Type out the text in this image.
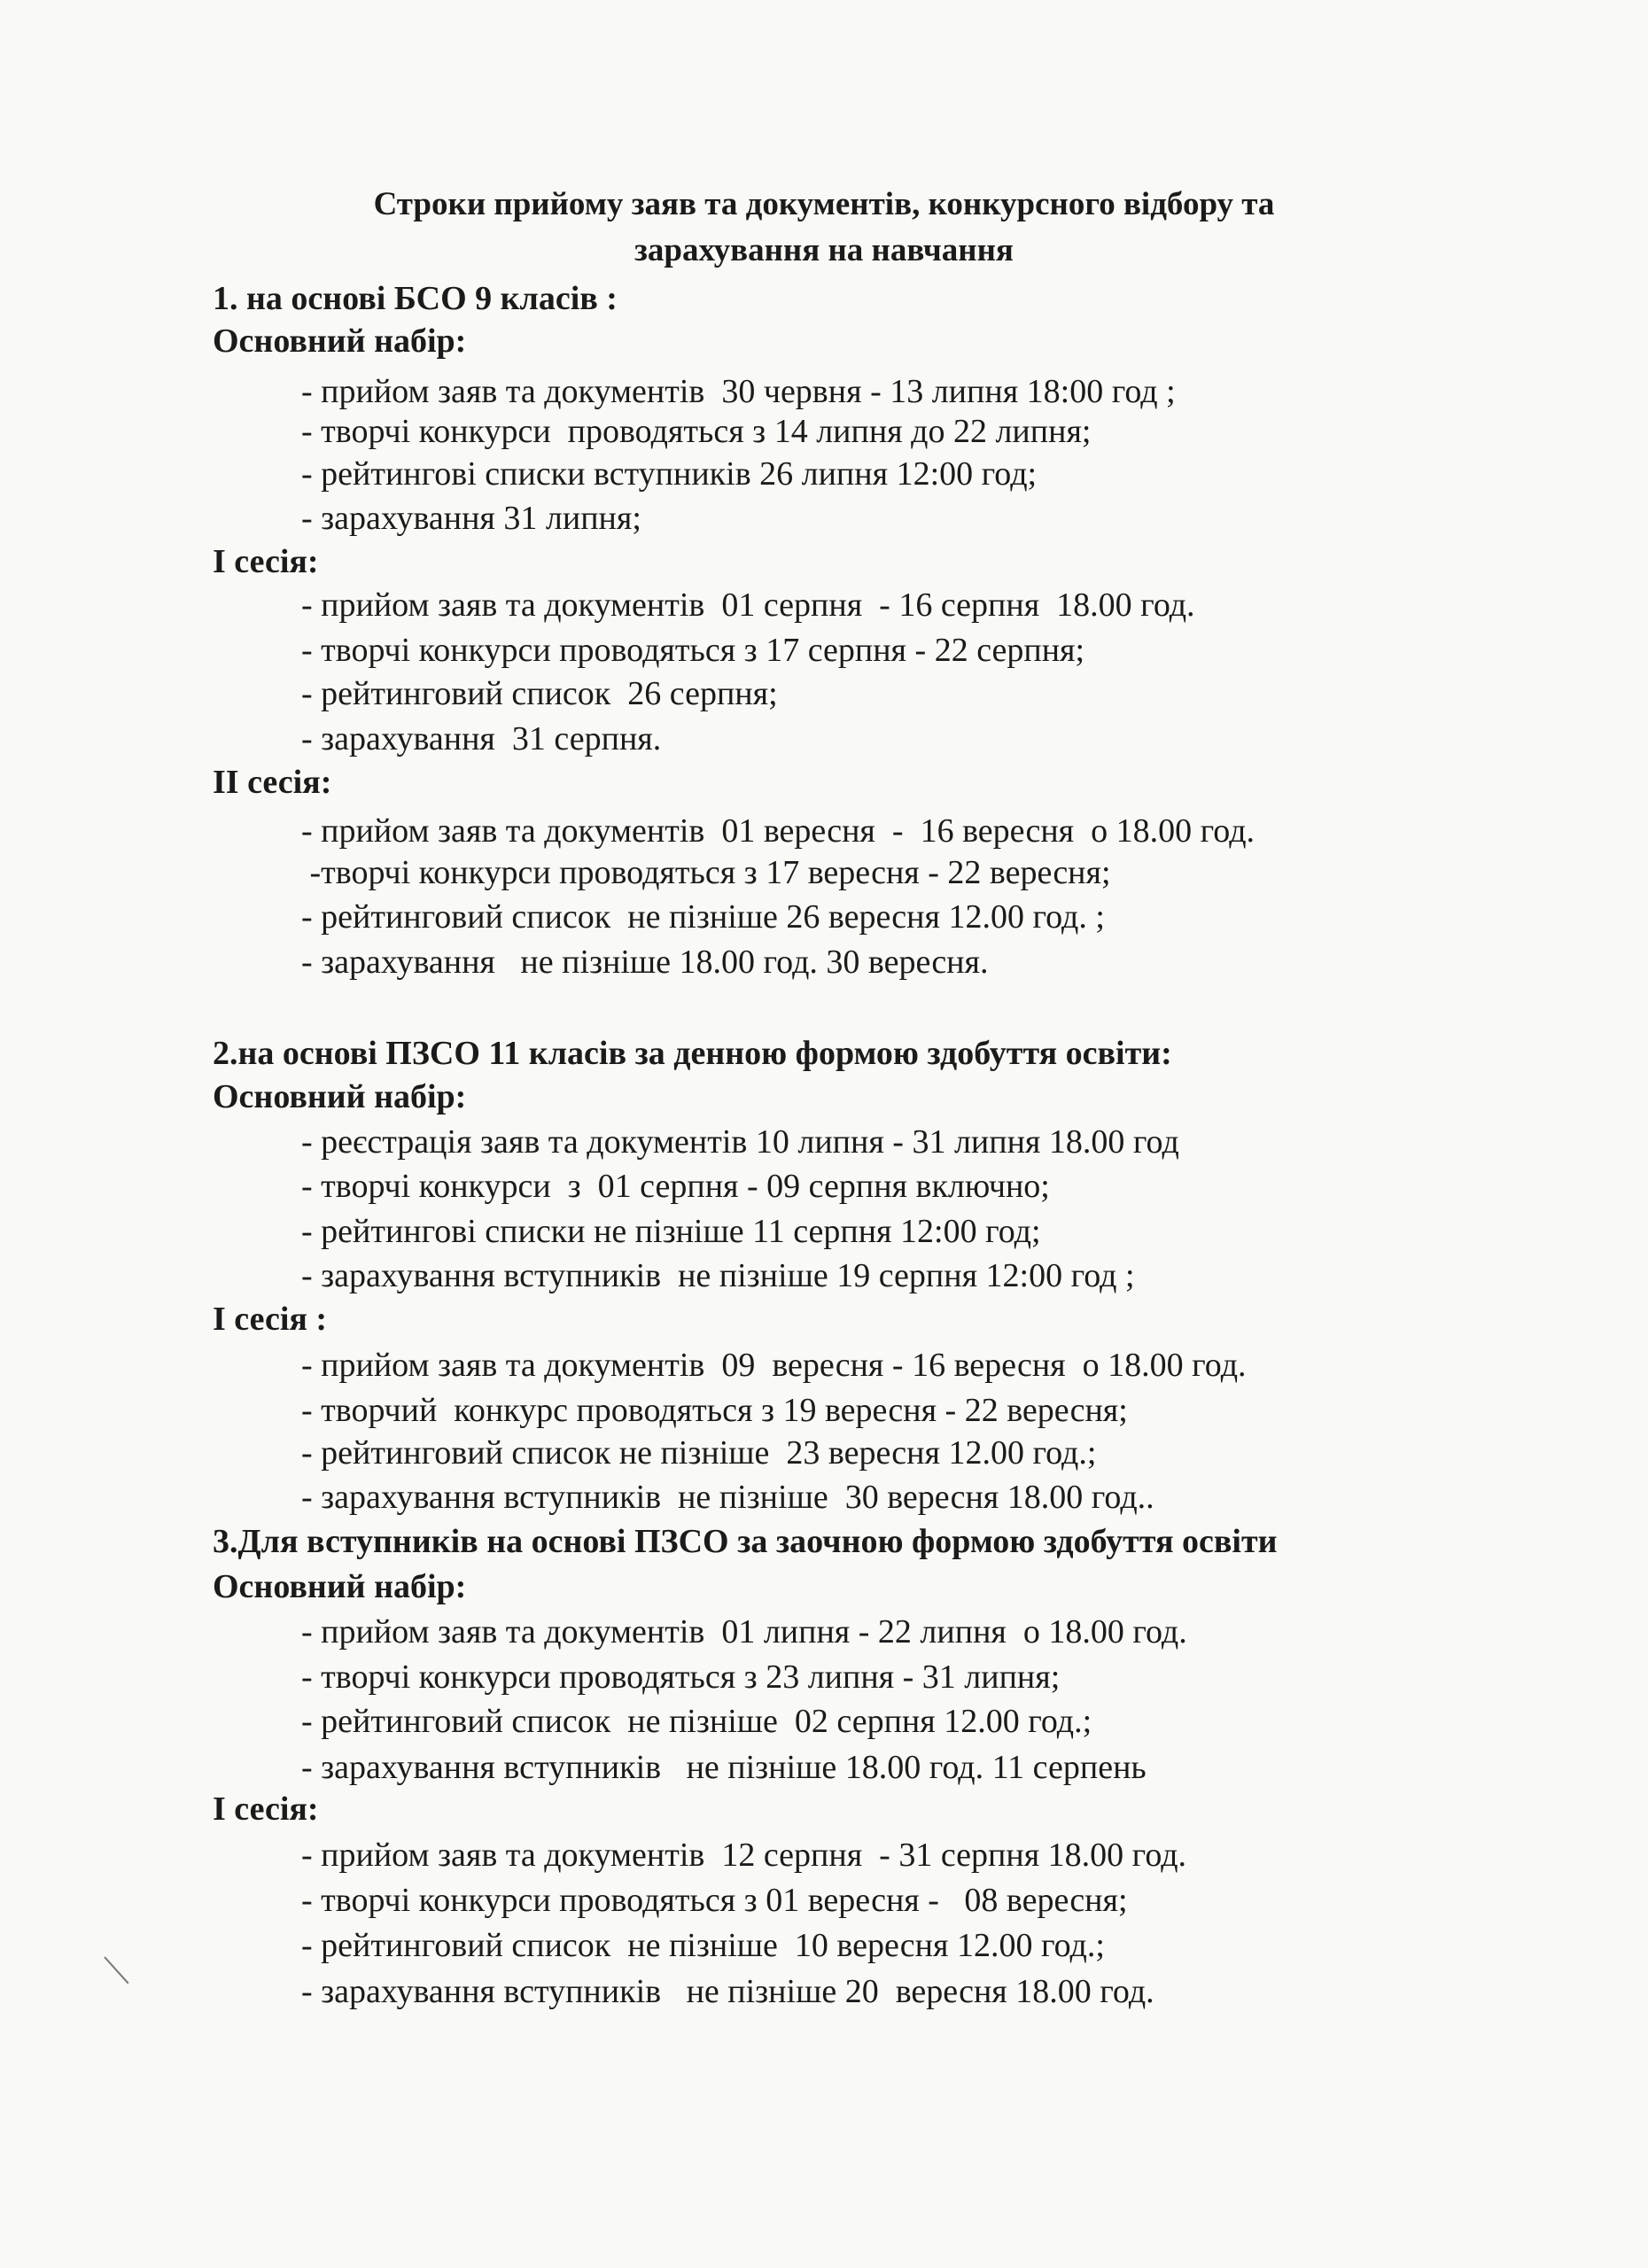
Строки прийому заяв та документів, конкурсного відбору та
зарахування на навчання
1. на основі БСО 9 класів :
Основний набір:
- прийом заяв та документів  30 червня - 13 липня 18:00 год ;
- творчі конкурси  проводяться з 14 липня до 22 липня;
- рейтингові списки вступників 26 липня 12:00 год;
- зарахування 31 липня;
І сесія:
- прийом заяв та документів  01 серпня  - 16 серпня  18.00 год.
- творчі конкурси проводяться з 17 серпня - 22 серпня;
- рейтинговий список  26 серпня;
- зарахування  31 серпня.
ІІ сесія:
- прийом заяв та документів  01 вересня  -  16 вересня  о 18.00 год.
-творчі конкурси проводяться з 17 вересня - 22 вересня;
- рейтинговий список  не пізніше 26 вересня 12.00 год. ;
- зарахування   не пізніше 18.00 год. 30 вересня.
2.на основі ПЗСО 11 класів за денною формою здобуття освіти:
Основний набір:
- реєстрація заяв та документів 10 липня - 31 липня 18.00 год
- творчі конкурси  з  01 серпня - 09 серпня включно;
- рейтингові списки не пізніше 11 серпня 12:00 год;
- зарахування вступників  не пізніше 19 серпня 12:00 год ;
І сесія :
- прийом заяв та документів  09  вересня - 16 вересня  о 18.00 год.
- творчий  конкурс проводяться з 19 вересня - 22 вересня;
- рейтинговий список не пізніше  23 вересня 12.00 год.;
- зарахування вступників  не пізніше  30 вересня 18.00 год..
3.Для вступників на основі ПЗСО за заочною формою здобуття освіти
Основний набір:
- прийом заяв та документів  01 липня - 22 липня  о 18.00 год.
- творчі конкурси проводяться з 23 липня - 31 липня;
- рейтинговий список  не пізніше  02 серпня 12.00 год.;
- зарахування вступників   не пізніше 18.00 год. 11 серпень
І сесія:
- прийом заяв та документів  12 серпня  - 31 серпня 18.00 год.
- творчі конкурси проводяться з 01 вересня -   08 вересня;
- рейтинговий список  не пізніше  10 вересня 12.00 год.;
- зарахування вступників   не пізніше 20  вересня 18.00 год.
